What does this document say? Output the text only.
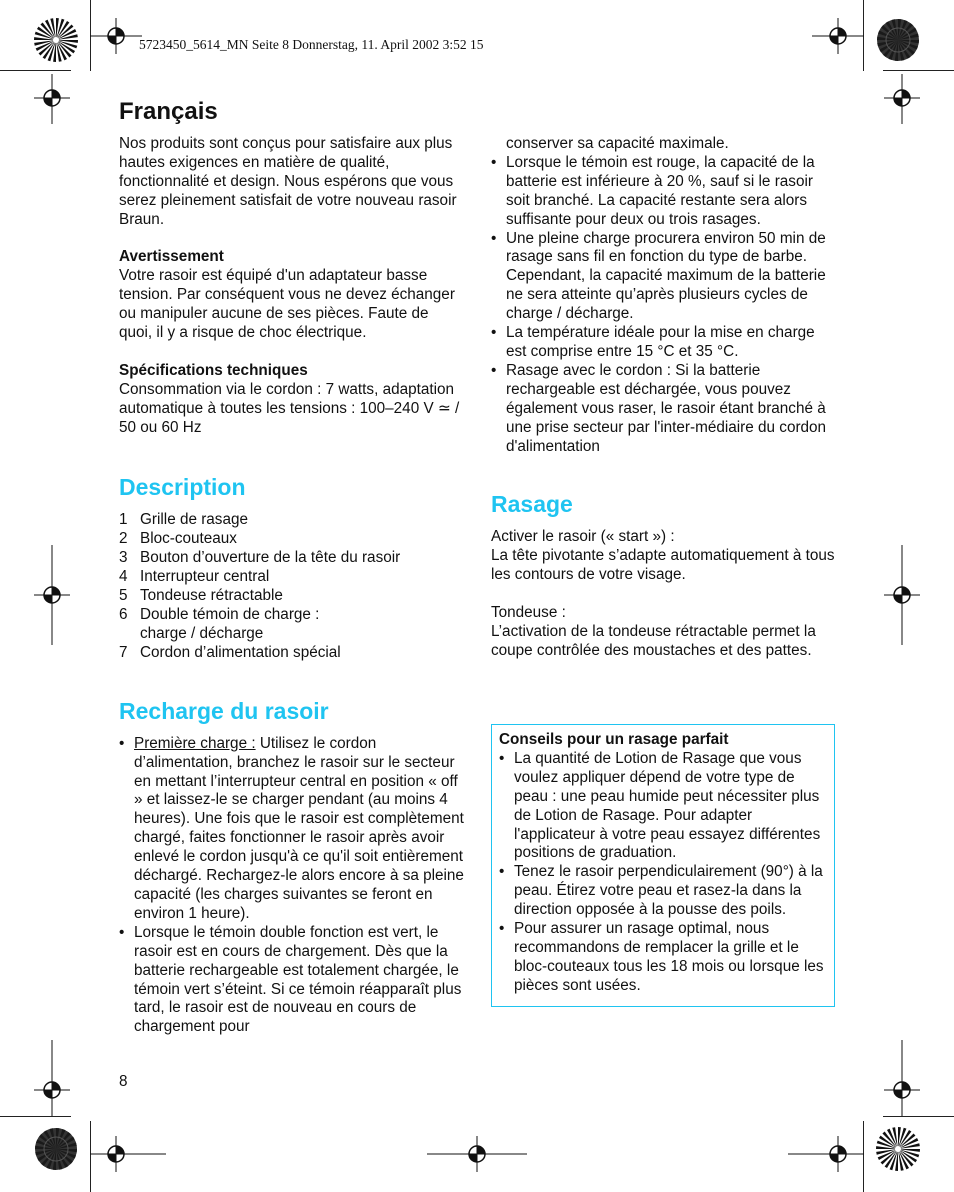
5723450_5614_MN Seite 8 Donnerstag, 11. April 2002 3:52 15
Français

Nos produits sont conçus pour satisfaire aux plus hautes exigences en matière de qualité, fonctionnalité et design. Nous espérons que vous serez pleinement satisfait de votre nouveau rasoir Braun.

Avertissement

Votre rasoir est équipé d'un adaptateur basse tension. Par conséquent vous ne devez échanger ou manipuler aucune de ses pièces. Faute de quoi, il y a risque de choc électrique.

Spécifications techniques

Consommation via le cordon : 7 watts, adaptation automatique à toutes les tensions : 100–240 V ≃ / 50 ou 60 Hz

Description
1 Grille de rasage
2 Bloc-couteaux
3 Bouton d’ouverture de la tête du rasoir
4 Interrupteur central
5 Tondeuse rétractable
6 Double témoin de charge : charge / décharge
7 Cordon d’alimentation spécial
Recharge du rasoir
• Première charge : Utilisez le cordon d’alimentation, branchez le rasoir sur le secteur en mettant l’interrupteur central en position « off » et laissez-le se charger pendant (au moins 4 heures). Une fois que le rasoir est complètement chargé, faites fonctionner le rasoir après avoir enlevé le cordon jusqu'à ce qu'il soit entièrement déchargé. Rechargez-le alors encore à sa pleine capacité (les charges suivantes se feront en environ 1 heure).
• Lorsque le témoin double fonction est vert, le rasoir est en cours de chargement. Dès que la batterie rechargeable est totalement chargée, le témoin vert s’éteint. Si ce témoin réapparaît plus tard, le rasoir est de nouveau en cours de chargement pour

conserver sa capacité maximale.

• Lorsque le témoin est rouge, la capacité de la batterie est inférieure à 20 %, sauf si le rasoir soit branché. La capacité restante sera alors suffisante pour deux ou trois rasages.
• Une pleine charge procurera environ 50 min de rasage sans fil en fonction du type de barbe. Cependant, la capacité maximum de la batterie ne sera atteinte qu’après plusieurs cycles de charge / décharge.
• La température idéale pour la mise en charge est comprise entre 15 °C et 35 °C.
• Rasage avec le cordon : Si la batterie rechargeable est déchargée, vous pouvez également vous raser, le rasoir étant branché à une prise secteur par l'inter-médiaire du cordon d'alimentation
Rasage

Activer le rasoir (« start ») :

La tête pivotante s’adapte automatiquement à tous les contours de votre visage.

Tondeuse :

L’activation de la tondeuse rétractable permet la coupe contrôlée des moustaches et des pattes.

Conseils pour un rasage parfait

• La quantité de Lotion de Rasage que vous voulez appliquer dépend de votre type de peau : une peau humide peut nécessiter plus de Lotion de Rasage. Pour adapter l'applicateur à votre peau essayez différentes positions de graduation.
• Tenez le rasoir perpendiculairement (90°) à la peau. Étirez votre peau et rasez-la dans la direction opposée à la pousse des poils.
• Pour assurer un rasage optimal, nous recommandons de remplacer la grille et le bloc-couteaux tous les 18 mois ou lorsque les pièces sont usées.
8
